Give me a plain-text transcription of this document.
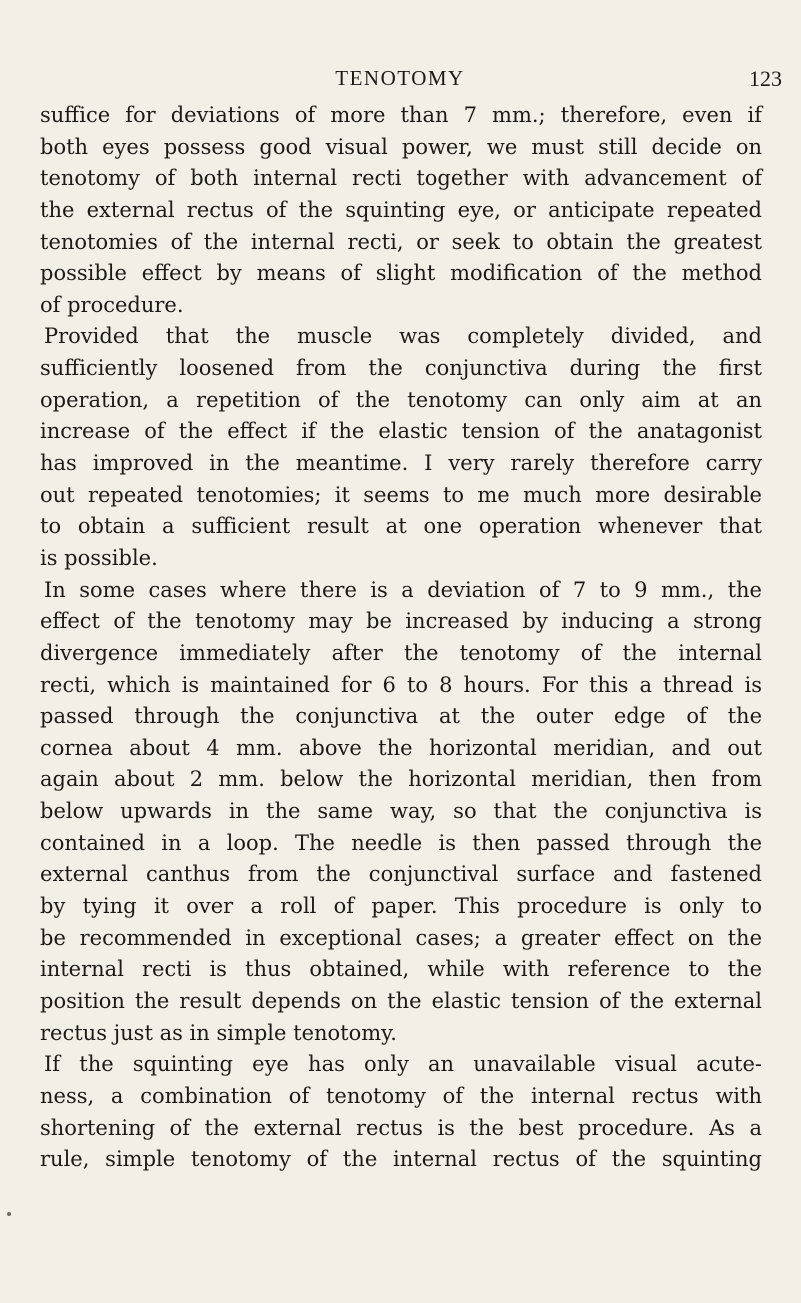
TENOTOMY	123
suffice for deviations of more than 7 mm.; therefore, even if
both eyes possess good visual power, we must still decide on
tenotomy of both internal recti together with advancement of
the external rectus of the squinting eye, or anticipate repeated
tenotomies of the internal recti, or seek to obtain the greatest
possible effect by means of slight modification of the method
of procedure.
Provided that the muscle was completely divided, and
sufficiently loosened from the conjunctiva during the first
operation, a repetition of the tenotomy can only aim at an
increase of the effect if the elastic tension of the anatagonist
has improved in the meantime. I very rarely therefore carry
out repeated tenotomies; it seems to me much more desirable
to obtain a sufficient result at one operation whenever that
is possible.
In some cases where there is a deviation of 7 to 9 mm., the
effect of the tenotomy may be increased by inducing a strong
divergence immediately after the tenotomy of the internal
recti, which is maintained for 6 to 8 hours. For this a thread is
passed through the conjunctiva at the outer edge of the
cornea about 4 mm. above the horizontal meridian, and out
again about 2 mm. below the horizontal meridian, then from
below upwards in the same way, so that the conjunctiva is
contained in a loop. The needle is then passed through the
external canthus from the conjunctival surface and fastened
by tying it over a roll of paper. This procedure is only to
be recommended in exceptional cases; a greater effect on the
internal recti is thus obtained, while with reference to the
position the result depends on the elastic tension of the external
rectus just as in simple tenotomy.
If the squinting eye has only an unavailable visual acute-
ness, a combination of tenotomy of the internal rectus with
shortening of the external rectus is the best procedure. As a
rule, simple tenotomy of the internal rectus of the squinting
